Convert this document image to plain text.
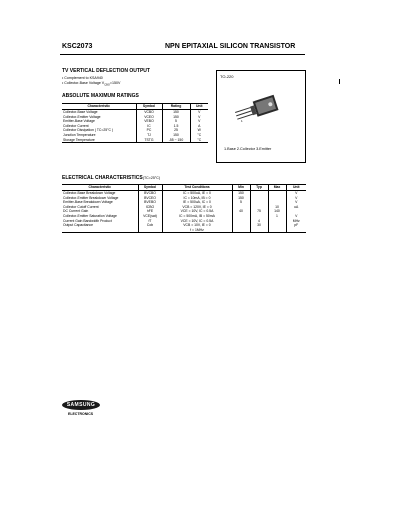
KSC2073	NPN EPITAXIAL SILICON TRANSISTOR
TV VERTICAL DEFLECTION OUTPUT
• Complement to KSA940
• Collector-Base Voltage $V_{CBO}=150V$
ABSOLUTE MAXIMUM RATINGS
Characteristic	Symbol	Rating	Unit
Collector-Base Voltage	VCBO	150	V
Collector-Emitter Voltage	VCEO	150	V
Emitter-Base Voltage	VEBO	5	V
Collector Current	IC	1.5	A
Collector Dissipation ( TC=25°C )	PC	25	W
Junction Temperature	TJ	150	°C
Storage Temperature	TSTG	-55 ~ 150	°C
TO-220
1
1.Base 2.Collector 3.Emitter
ELECTRICAL CHARACTERISTICS(TC=25°C)
Characteristic	Symbol	Test Conditions	Min	Typ	Max	Unit
Collector-Base Breakdown Voltage	BVCBO	IC = 500uA, IE = 0	150			V
Collector-Emitter Breakdown Voltage	BVCEO	IC = 10mA, IB = 0	150			V
Emitter-Base Breakdown Voltage	BVEBO	IE = 500uA, IC = 0	5			V
Collector Cutoff Current	ICBO	VCB = 120V, IE = 0			10	uA
DC Current Gain	hFE	VCE = 10V, IC = 0.5A	40	75	140	
Collector-Emitter Saturation Voltage	VCE(sat)	IC = 500mA, IB = 50mA			1	V
Current Gain Bandwidth Product	fT	VCE = 10V, IC = 0.5A		4		MHz
Output Capacitance	Cob	VCB = 10V, IE = 0		30		pF
		f = 1MHz				
SAMSUNG
ELECTRONICS
